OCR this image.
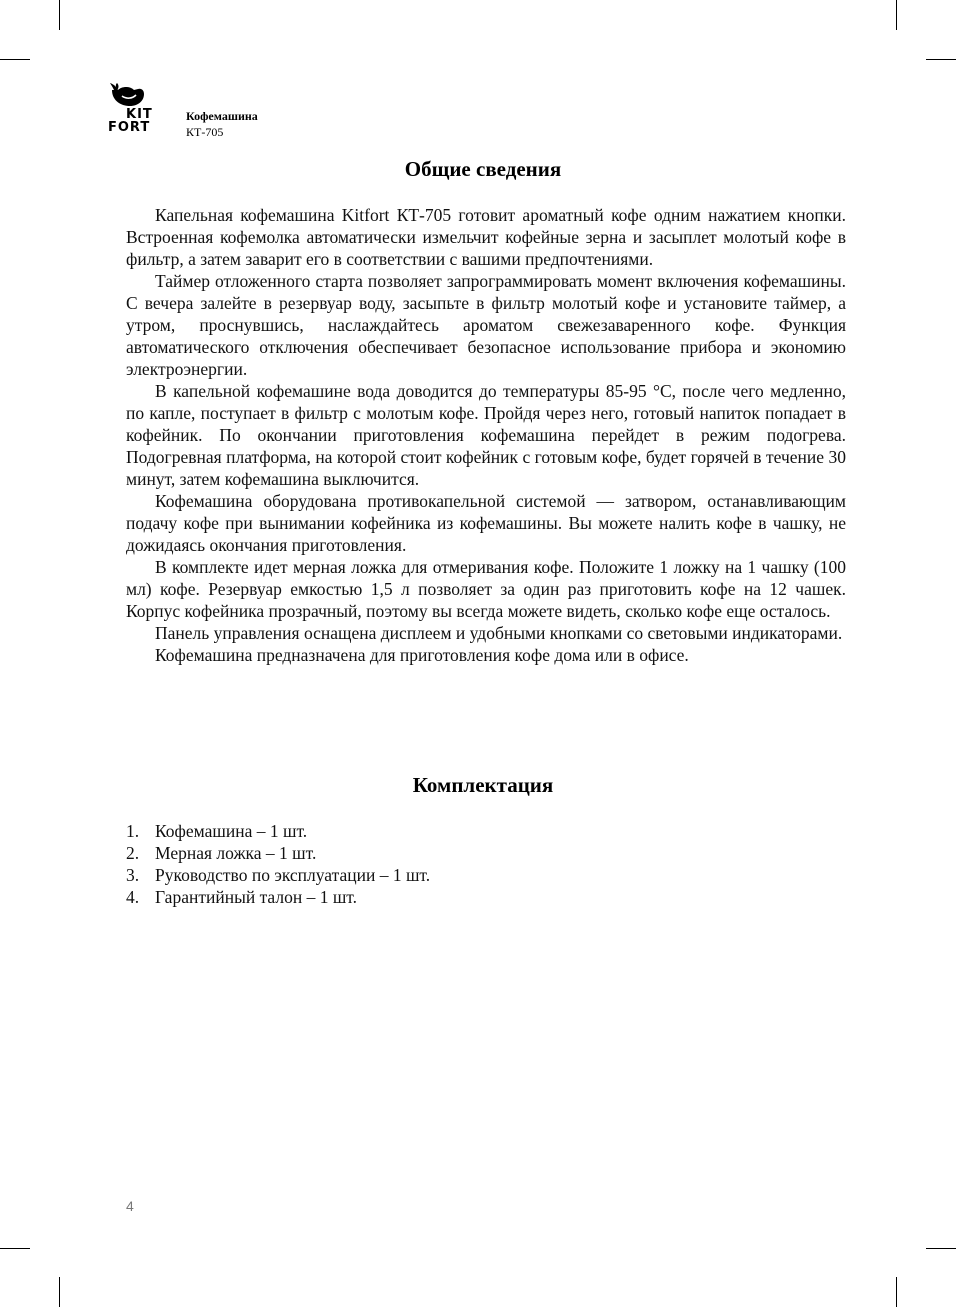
KIT
FORT
Кофемашина
КТ-705
Общие сведения

Капельная кофемашина Kitfort КТ-705 готовит ароматный кофе одним нажатием кнопки. Встроенная кофемолка автоматически измельчит кофейные зерна и засыплет молотый кофе в фильтр, а затем заварит его в соответствии с вашими предпочтениями.

Таймер отложенного старта позволяет запрограммировать момент включения кофемашины. С вечера залейте в резервуар воду, засыпьте в фильтр молотый кофе и установите таймер, а утром, проснувшись, наслаждайтесь ароматом свежезаваренного кофе. Функция автоматического отключения обеспечивает безопасное использование прибора и экономию электроэнергии.

В капельной кофемашине вода доводится до температуры 85-95 °С, после чего медленно, по капле, поступает в фильтр с молотым кофе. Пройдя через него, готовый напиток попадает в кофейник. По окончании приготовления кофемашина перейдет в режим подогрева. Подогревная платформа, на которой стоит кофейник с готовым кофе, будет горячей в течение 30 минут, затем кофемашина выключится.

Кофемашина оборудована противокапельной системой — затвором, останавливающим подачу кофе при вынимании кофейника из кофемашины. Вы можете налить кофе в чашку, не дожидаясь окончания приготовления.

В комплекте идет мерная ложка для отмеривания кофе. Положите 1 ложку на 1 чашку (100 мл) кофе. Резервуар емкостью 1,5 л позволяет за один раз приготовить кофе на 12 чашек. Корпус кофейника прозрачный, поэтому вы всегда можете видеть, сколько кофе еще осталось.

Панель управления оснащена дисплеем и удобными кнопками со световыми индикаторами.

Кофемашина предназначена для приготовления кофе дома или в офисе.

Комплектация
1. Кофемашина – 1 шт.
2. Мерная ложка – 1 шт.
3. Руководство по эксплуатации – 1 шт.
4. Гарантийный талон – 1 шт.
4
